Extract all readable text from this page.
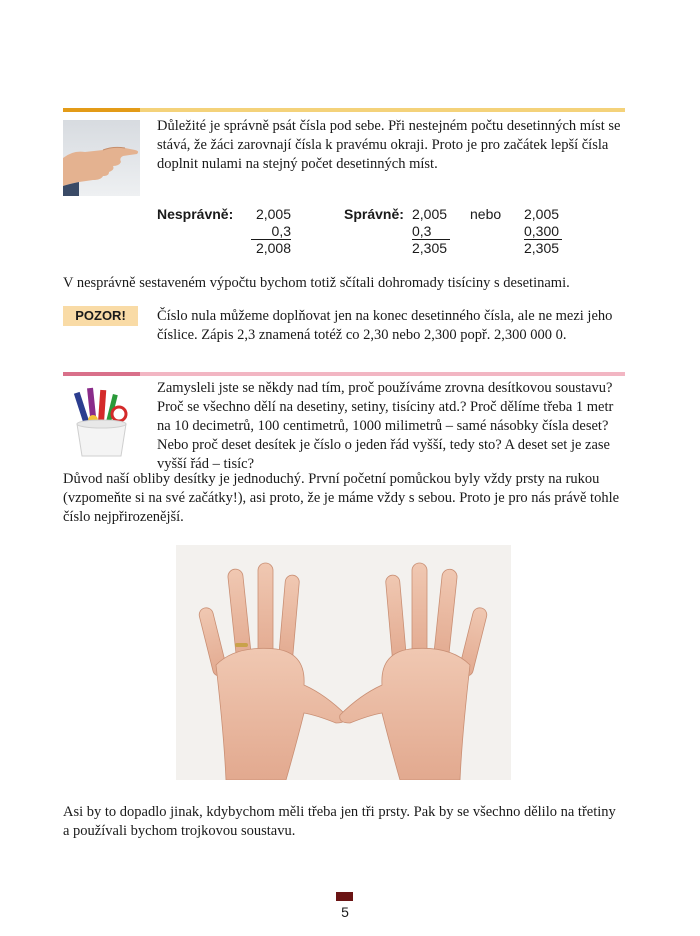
Důležité je správně psát čísla pod sebe. Při nestejném počtu desetinných míst se stává, že žáci zarovnají čísla k pravému okraji. Proto je pro začátek lepší čísla doplnit nulami na stejný počet desetinných míst.
Nesprávně:	2,005
0,3
2,008
Správně: 2,005
0,3
2,305
nebo 2,005
0,300
2,305
V nesprávně sestaveném výpočtu bychom totiž sčítali dohromady tisíciny s desetinami.
POZOR!	Číslo nula můžeme doplňovat jen na konec desetinného čísla, ale ne mezi jeho číslice. Zápis 2,3 znamená totéž co 2,30 nebo 2,300 popř. 2,300 000 0.
Zamysleli jste se někdy nad tím, proč používáme zrovna desítkovou soustavu? Proč se všechno dělí na desetiny, setiny, tisíciny atd.? Proč dělíme třeba 1 metr na 10 decimetrů, 100 centimetrů, 1000 milimetrů – samé násobky čísla deset? Nebo proč deset desítek je číslo o jeden řád vyšší, tedy sto? A deset set je zase vyšší řád – tisíc?
Důvod naší obliby desítky je jednoduchý. První početní pomůckou byly vždy prsty na rukou (vzpomeňte si na své začátky!), asi proto, že je máme vždy s sebou. Proto je pro nás právě tohle číslo nejpřirozenější.
Asi by to dopadlo jinak, kdybychom měli třeba jen tři prsty. Pak by se všechno dělilo na třetiny a používali bychom trojkovou soustavu.
5
